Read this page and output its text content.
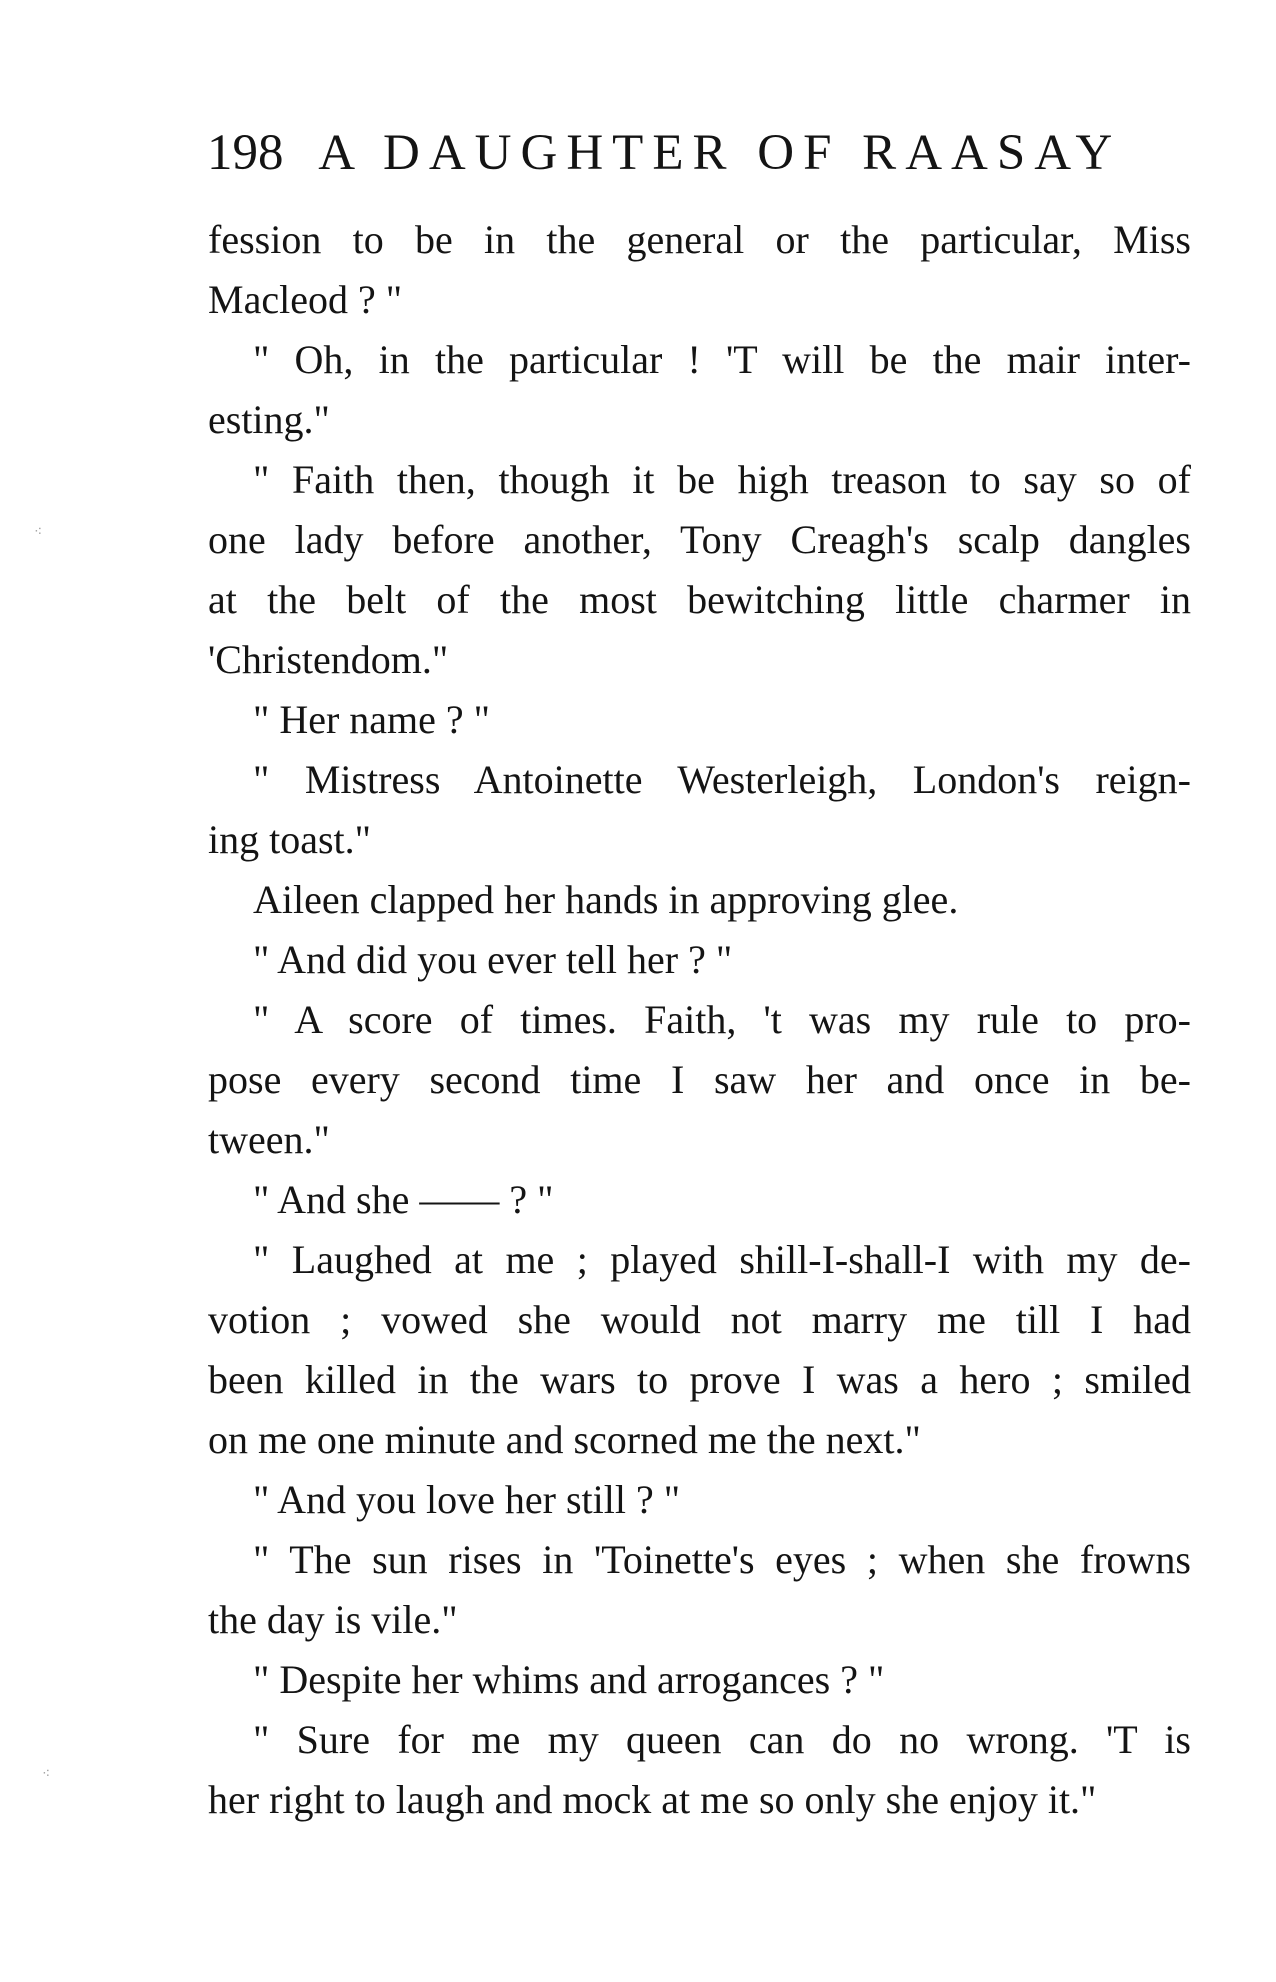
198 A DAUGHTER OF RAASAY
fession to be in the general or the particular, Miss
Macleod ? "
" Oh, in the particular ! 'T will be the mair inter-
esting."
" Faith then, though it be high treason to say so of
one lady before another, Tony Creagh's scalp dangles
at the belt of the most bewitching little charmer in
'Christendom."
" Her name ? "
" Mistress Antoinette Westerleigh, London's reign-
ing toast."
Aileen clapped her hands in approving glee.
" And did you ever tell her ? "
" A score of times. Faith, 't was my rule to pro-
pose every second time I saw her and once in be-
tween."
" And she —— ? "
" Laughed at me ; played shill-I-shall-I with my de-
votion ; vowed she would not marry me till I had
been killed in the wars to prove I was a hero ; smiled
on me one minute and scorned me the next."
" And you love her still ? "
" The sun rises in 'Toinette's eyes ; when she frowns
the day is vile."
" Despite her whims and arrogances ? "
" Sure for me my queen can do no wrong. 'T is
her right to laugh and mock at me so only she enjoy it."
⁖
⁖
